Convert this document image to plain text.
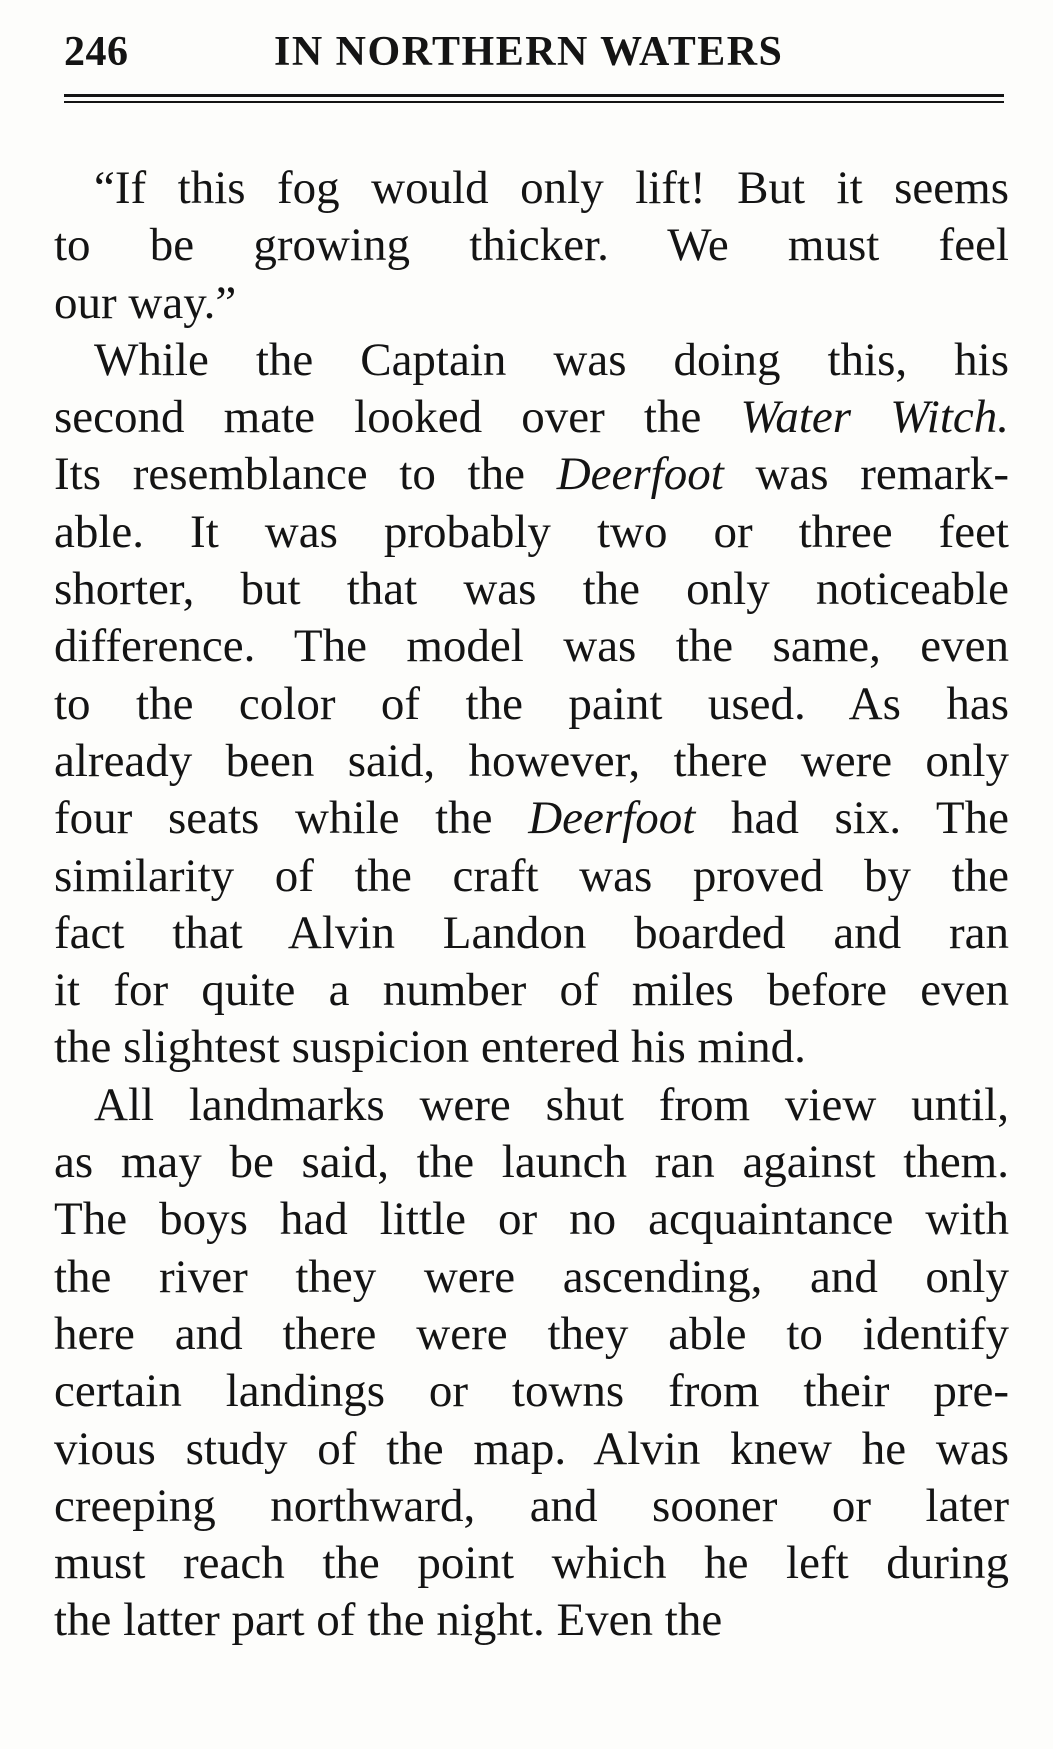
246	IN NORTHERN WATERS

“If this fog would only lift! But it seems
to be growing thicker. We must feel
our way.”

While the Captain was doing this, his
second mate looked over the Water Witch.
Its resemblance to the Deerfoot was remark-
able. It was probably two or three feet
shorter, but that was the only noticeable
difference. The model was the same, even
to the color of the paint used. As has
already been said, however, there were only
four seats while the Deerfoot had six. The
similarity of the craft was proved by the
fact that Alvin Landon boarded and ran
it for quite a number of miles before even
the slightest suspicion entered his mind.

All landmarks were shut from view until,
as may be said, the launch ran against them.
The boys had little or no acquaintance with
the river they were ascending, and only
here and there were they able to identify
certain landings or towns from their pre-
vious study of the map. Alvin knew he was
creeping northward, and sooner or later
must reach the point which he left during
the latter part of the night. Even the
